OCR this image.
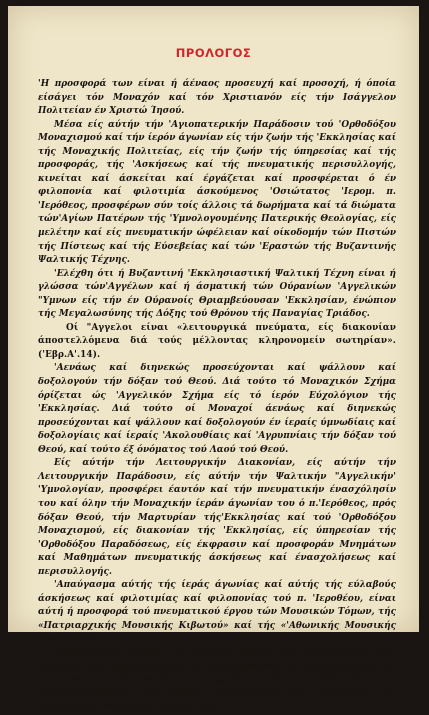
ΠΡΟΛΟΓΟΣ

'Η προσφορά των είναι ή άέναος προσευχή καί προσοχή, ή όποία είσάγει τόν Μοναχόν καί τόν Χριστιανόν είς τήν Ισάγγελον Πολιτείαν έν Χριστώ Ίησού.

Μέσα είς αύτήν τήν 'Αγιοπατερικήν Παράδοσιν τού 'Ορθοδόξου Μοναχισμού καί τήν ίερόν άγωνίαν είς τήν ζωήν τής 'Εκκλησίας καί τής Μοναχικής Πολιτείας, είς τήν ζωήν τής ύπηρεσίας καί τής προσφοράς, τής 'Ασκήσεως καί τής πνευματικής περισυλλογής, κινείται καί άσκείται καί έργάζεται καί προσφέρεται ό έν φιλοπονία καί φιλοτιμία άσκούμενος 'Οσιώτατος 'Ιερομ. π. 'Ιερόθεος, προσφέρων σύν τοίς άλλοις τά δωρήματα καί τά διώματα τών'Αγίων Πατέρων τής 'Υμνολογουμένης Πατερικής Θεολογίας, είς μελέτην καί είς πνευματικήν ώφέλειαν καί οίκοδομήν τών Πιστών τής Πίστεως καί τής Εύσεβείας καί τών 'Εραστών τής Βυζαντινής Ψαλτικής Τέχνης.

'Ελέχθη ότι ή Βυζαντινή 'Εκκλησιαστική Ψαλτική Τέχνη είναι ή γλώσσα τών'Αγγέλων καί ή άσματική τών Ούρανίων 'Αγγελικών "Υμνων είς τήν έν Ούρανοίς Θριαμβεύουσαν 'Εκκλησίαν, ένώπιον τής Μεγαλωσύνης τής Δόξης τού Θρόνου τής Παναγίας Τριάδος.

Οί "Αγγελοι είναι «λειτουργικά πνεύματα, είς διακονίαν άποστελλόμενα διά τούς μέλλοντας κληρονομείν σωτηρίαν».('Εβρ.Α'.14).

'Αενάως καί διηνεκώς προσεύχονται καί ψάλλουν καί δοξολογούν τήν δόξαν τού Θεού. Διά τούτο τό Μοναχικόν Σχήμα όρίζεται ώς 'Αγγελικόν Σχήμα είς τό ίερόν Εύχολόγιον τής 'Εκκλησίας. Διά τούτο οί Μοναχοί άενάως καί διηνεκώς προσεύχονται καί ψάλλουν καί δοξολογούν έν ίεραίς ύμνωδίαις καί δοξολογίαις καί ίεραίς 'Ακολουθίαις καί 'Αγρυπνίαις τήν δόξαν τού Θεού, καί τούτο έξ όνόματος τού Λαού τού Θεού.

Είς αύτήν τήν Λειτουργικήν Διακονίαν, είς αύτήν τήν Λειτουργικήν Παράδοσιν, είς αύτήν τήν Ψαλτικήν "Αγγελικήν' 'Υμνολογίαν, προσφέρει έαυτόν καί τήν πνευματικήν ένασχόλησίν του καί όλην τήν Μοναχικήν ίεράν άγωνίαν του ό π.'Ιερόθεος, πρός δόξαν Θεού, τήν Μαρτυρίαν τής'Εκκλησίας καί τού 'Ορθοδόξου Μοναχισμού, είς διακονίαν τής 'Εκκλησίας, είς ύπηρεσίαν τής 'Ορθοδόξου Παραδόσεως, είς έκφρασιν καί προσφοράν Μνημάτων καί Μαθημάτων πνευματικής άσκήσεως καί ένασχολήσεως καί περισυλλογής.

'Απαύγασμα αύτής τής ίεράς άγωνίας καί αύτής τής εύλαβούς άσκήσεως καί φιλοτιμίας καί φιλοπονίας τού π. 'Ιεροθέου, είναι αύτή ή προσφορά τού πνευματικού έργου τών Μουσικών Τόμων, τής «Πατριαρχικής Μουσικής Κιβωτού» καί τής «'Αθωνικής Μουσικής 'Ανθοδέσμης».

'Επαινούμεν, λοιπόν, έν Χριστώ 'Ιησού καί συγχαίρομεν άπό καρδίας καί εύχαριστούμεν έν εύγνωμοσύνη τόν εύλαβέστατον έν 'Ιερομονάχοις Φιλοθεΐτην 'Αγιορείτην Μοναχόν,'Αδελφόν καί Πατέρα'Ιερόθεον, τόν ένθεον Μουσουργόν καί 'Εραστήν τής Βυζαντινής Ψαλτικής Τέχνης, διά
